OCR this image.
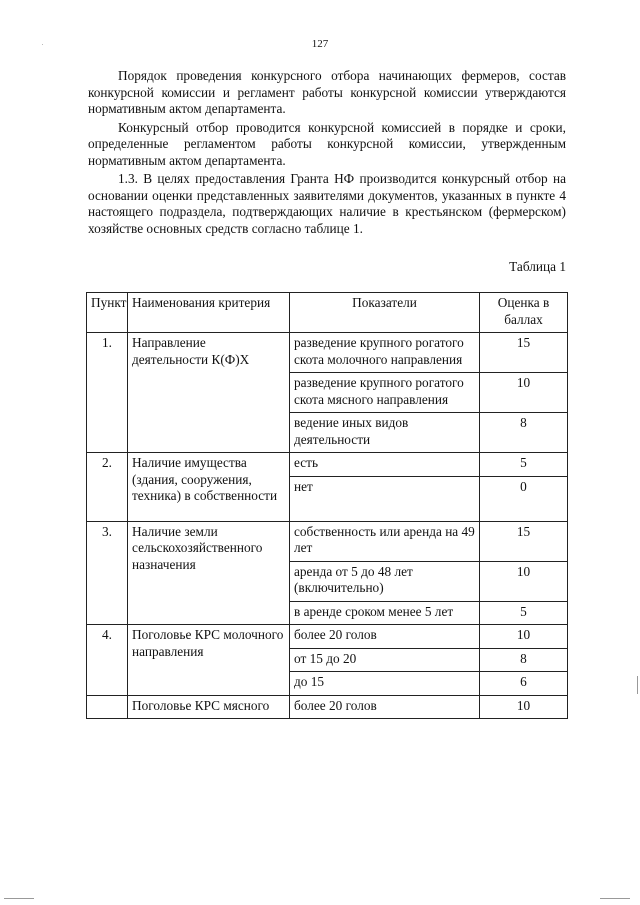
127

Порядок проведения конкурсного отбора начинающих фермеров, состав конкурсной комиссии и регламент работы конкурсной комиссии утверждаются нормативным актом департамента.

Конкурсный отбор проводится конкурсной комиссией в порядке и сроки, определенные регламентом работы конкурсной комиссии, утвержденным нормативным актом департамента.

1.3. В целях предоставления Гранта НФ производится конкурсный отбор на основании оценки представленных заявителями документов, указанных в пункте 4 настоящего подраздела, подтверждающих наличие в крестьянском (фермерском) хозяйстве основных средств согласно таблице 1.

Таблица 1
Пункт	Наименования критерия	Показатели	Оценка в баллах
1.	Направление деятельности К(Ф)Х	разведение крупного рогатого скота молочного направления	15
		разведение крупного рогатого скота мясного направления	10
		ведение иных видов деятельности	8
2.	Наличие имущества (здания, сооружения, техника) в собственности	есть	5
		нет	0
3.	Наличие земли сельскохозяйственного назначения	собственность или аренда на 49 лет	15
		аренда от 5 до 48 лет (включительно)	10
		в аренде сроком менее 5 лет	5
4.	Поголовье КРС молочного направления	более 20 голов	10
		от 15 до 20	8
		до 15	6
	Поголовье КРС мясного	более 20 голов	10
